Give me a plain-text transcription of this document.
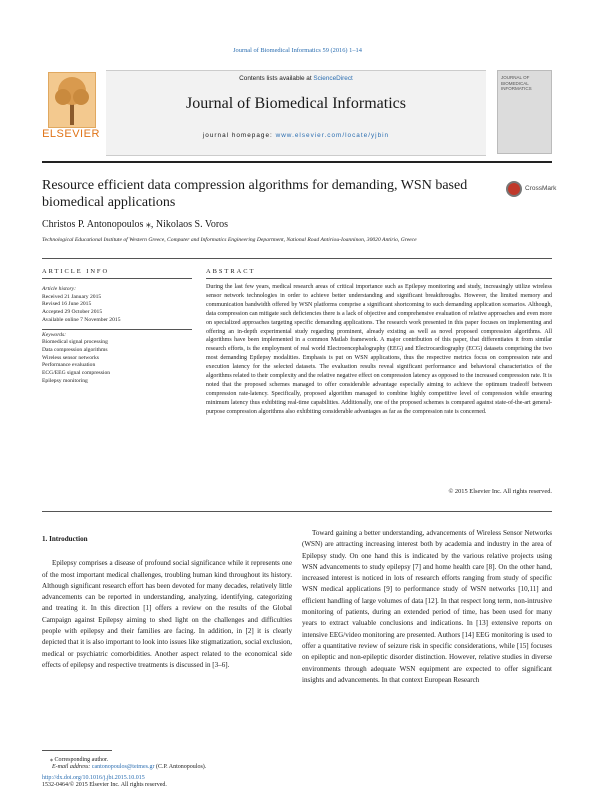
Journal of Biomedical Informatics 59 (2016) 1–14
ELSEVIER
Contents lists available at ScienceDirect
Journal of Biomedical Informatics
journal homepage: www.elsevier.com/locate/yjbin
JOURNAL OF BIOMEDICAL INFORMATICS
Resource efficient data compression algorithms for demanding, WSN based biomedical applications
CrossMark
Christos P. Antonopoulos ⁎, Nikolaos S. Voros
Technological Educational Institute of Western Greece, Computer and Informatics Engineering Department, National Road Antiriou-Ioanninon, 30020 Antirio, Greece
ARTICLE INFO	ABSTRACT
Article history:
Received 21 January 2015
Revised 16 June 2015
Accepted 29 October 2015
Available online 7 November 2015
Keywords:
Biomedical signal processing
Data compression algorithms
Wireless sensor networks
Performance evaluation
ECG/EEG signal compression
Epilepsy monitoring
During the last few years, medical research areas of critical importance such as Epilepsy monitoring and study, increasingly utilize wireless sensor network technologies in order to achieve better understanding and significant breakthroughs. However, the limited memory and communication bandwidth offered by WSN platforms comprise a significant shortcoming to such demanding application scenarios. Although, data compression can mitigate such deficiencies there is a lack of objective and comprehensive evaluation of relative approaches and even more on specialized approaches targeting specific demanding applications. The research work presented in this paper focuses on implementing and offering an in-depth experimental study regarding prominent, already existing as well as novel proposed compression algorithms. All algorithms have been implemented in a common Matlab framework. A major contribution of this paper, that differentiates it from similar research efforts, is the employment of real world Electroencephalography (EEG) and Electrocardiography (ECG) datasets comprising the two most demanding Epilepsy modalities. Emphasis is put on WSN applications, thus the respective metrics focus on compression rate and execution latency for the selected datasets. The evaluation results reveal significant performance and behavioral characteristics of the algorithms related to their complexity and the relative negative effect on compression latency as opposed to the increased compression rate. It is noted that the proposed schemes managed to offer considerable advantage especially aiming to achieve the optimum tradeoff between compression rate-latency. Specifically, proposed algorithm managed to combine highly competitive level of compression while ensuring minimum latency thus exhibiting real-time capabilities. Additionally, one of the proposed schemes is compared against state-of-the-art general-purpose compression algorithms also exhibiting considerable advantages as far as the compression rate is concerned.
© 2015 Elsevier Inc. All rights reserved.
1. Introduction

Epilepsy comprises a disease of profound social significance while it represents one of the most important medical challenges, troubling human kind throughout its history. Although significant research effort has been devoted for many decades, relatively little advancements can be reported in understanding, analyzing, identifying, categorizing and treating it. In this direction [1] offers a review on the results of the Global Campaign against Epilepsy aiming to shed light on the challenges and difficulties people with epilepsy and their families are facing. In addition, in [2] it is clearly depicted that it is also important to look into issues like stigmatization, social exclusion, medical or psychiatric comorbidities. Another aspect related to the economical side effects of epilepsy and respective treatments is discussed in [3–6].

Toward gaining a better understanding, advancements of Wireless Sensor Networks (WSN) are attracting increasing interest both by academia and industry in the area of Epilepsy study. On one hand this is indicated by the various relative projects using WSN advancements to study epilepsy [7] and home health care [8]. On the other hand, increased interest is noticed in lots of research efforts ranging from study of specific WSN medical applications [9] to performance study of WSN networks [10,11] and efficient handling of large volumes of data [12]. In that respect long term, non-intrusive monitoring of patients, during an extended period of time, has been used for many years to extract valuable conclusions and indications. In [13] extensive reports on intensive EEG/video monitoring are presented. Authors [14] EEG monitoring is used to offer a quantitative review of seizure risk in specific considerations, while [15] focuses on epileptic and non-epileptic disorder distinction. However, relative studies in diverse environments through adequate WSN equipment are expected to offer significant insights and advancements. In that context European Research

⁎ Corresponding author.
E-mail address: cantonopoulos@teimes.gr (C.P. Antonopoulos).
http://dx.doi.org/10.1016/j.jbi.2015.10.015
1532-0464/© 2015 Elsevier Inc. All rights reserved.
